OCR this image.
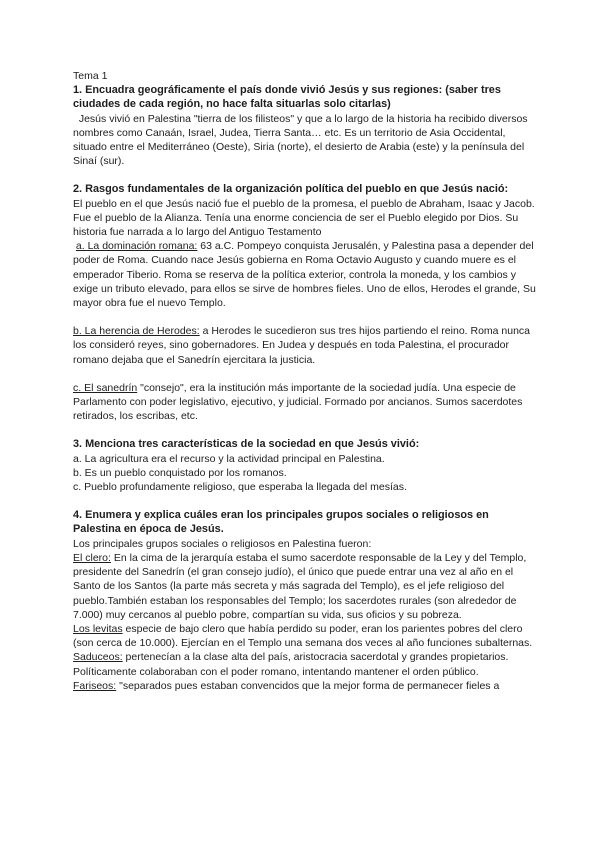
Tema 1

1. Encuadra geográficamente el país donde vivió Jesús y sus regiones: (saber tres ciudades de cada región, no hace falta situarlas solo citarlas)

Jesús vivió en Palestina "tierra de los filisteos" y que a lo largo de la historia ha recibido diversos nombres como Canaán, Israel, Judea, Tierra Santa… etc. Es un territorio de Asia Occidental, situado entre el Mediterráneo (Oeste), Siria (norte), el desierto de Arabia (este) y la península del Sinaí (sur).

2. Rasgos fundamentales de la organización política del pueblo en que Jesús nació:

El pueblo en el que Jesús nació fue el pueblo de la promesa, el pueblo de Abraham, Isaac y Jacob. Fue el pueblo de la Alianza. Tenía una enorme conciencia de ser el Pueblo elegido por Dios. Su historia fue narrada a lo largo del Antiguo Testamento

a. La dominación romana: 63 a.C. Pompeyo conquista Jerusalén, y Palestina pasa a depender del poder de Roma. Cuando nace Jesús gobierna en Roma Octavio Augusto y cuando muere es el emperador Tiberio. Roma se reserva de la política exterior, controla la moneda, y los cambios y exige un tributo elevado, para ellos se sirve de hombres fieles. Uno de ellos, Herodes el grande, Su mayor obra fue el nuevo Templo.

b. La herencia de Herodes: a Herodes le sucedieron sus tres hijos partiendo el reino. Roma nunca los consideró reyes, sino gobernadores. En Judea y después en toda Palestina, el procurador romano dejaba que el Sanedrín ejercitara la justicia.

c. El sanedrín "consejo", era la institución más importante de la sociedad judía. Una especie de Parlamento con poder legislativo, ejecutivo, y judicial. Formado por ancianos. Sumos sacerdotes retirados, los escribas, etc.

3. Menciona tres características de la sociedad en que Jesús vivió:

a. La agricultura era el recurso y la actividad principal en Palestina.

b. Es un pueblo conquistado por los romanos.

c. Pueblo profundamente religioso, que esperaba la llegada del mesías.

4. Enumera y explica cuáles eran los principales grupos sociales o religiosos en Palestina en época de Jesús.

Los principales grupos sociales o religiosos en Palestina fueron:

El clero: En la cima de la jerarquía estaba el sumo sacerdote responsable de la Ley y del Templo, presidente del Sanedrín (el gran consejo judío), el único que puede entrar una vez al año en el Santo de los Santos (la parte más secreta y más sagrada del Templo), es el jefe religioso del pueblo.También estaban los responsables del Templo; los sacerdotes rurales (son alrededor de 7.000) muy cercanos al pueblo pobre, compartían su vida, sus oficios y su pobreza.

Los levitas especie de bajo clero que había perdido su poder, eran los parientes pobres del clero (son cerca de 10.000). Ejercían en el Templo una semana dos veces al año funciones subalternas.

Saduceos: pertenecían a la clase alta del país, aristocracia sacerdotal y grandes propietarios. Políticamente colaboraban con el poder romano, intentando mantener el orden público.

Fariseos: "separados pues estaban convencidos que la mejor forma de permanecer fieles a
